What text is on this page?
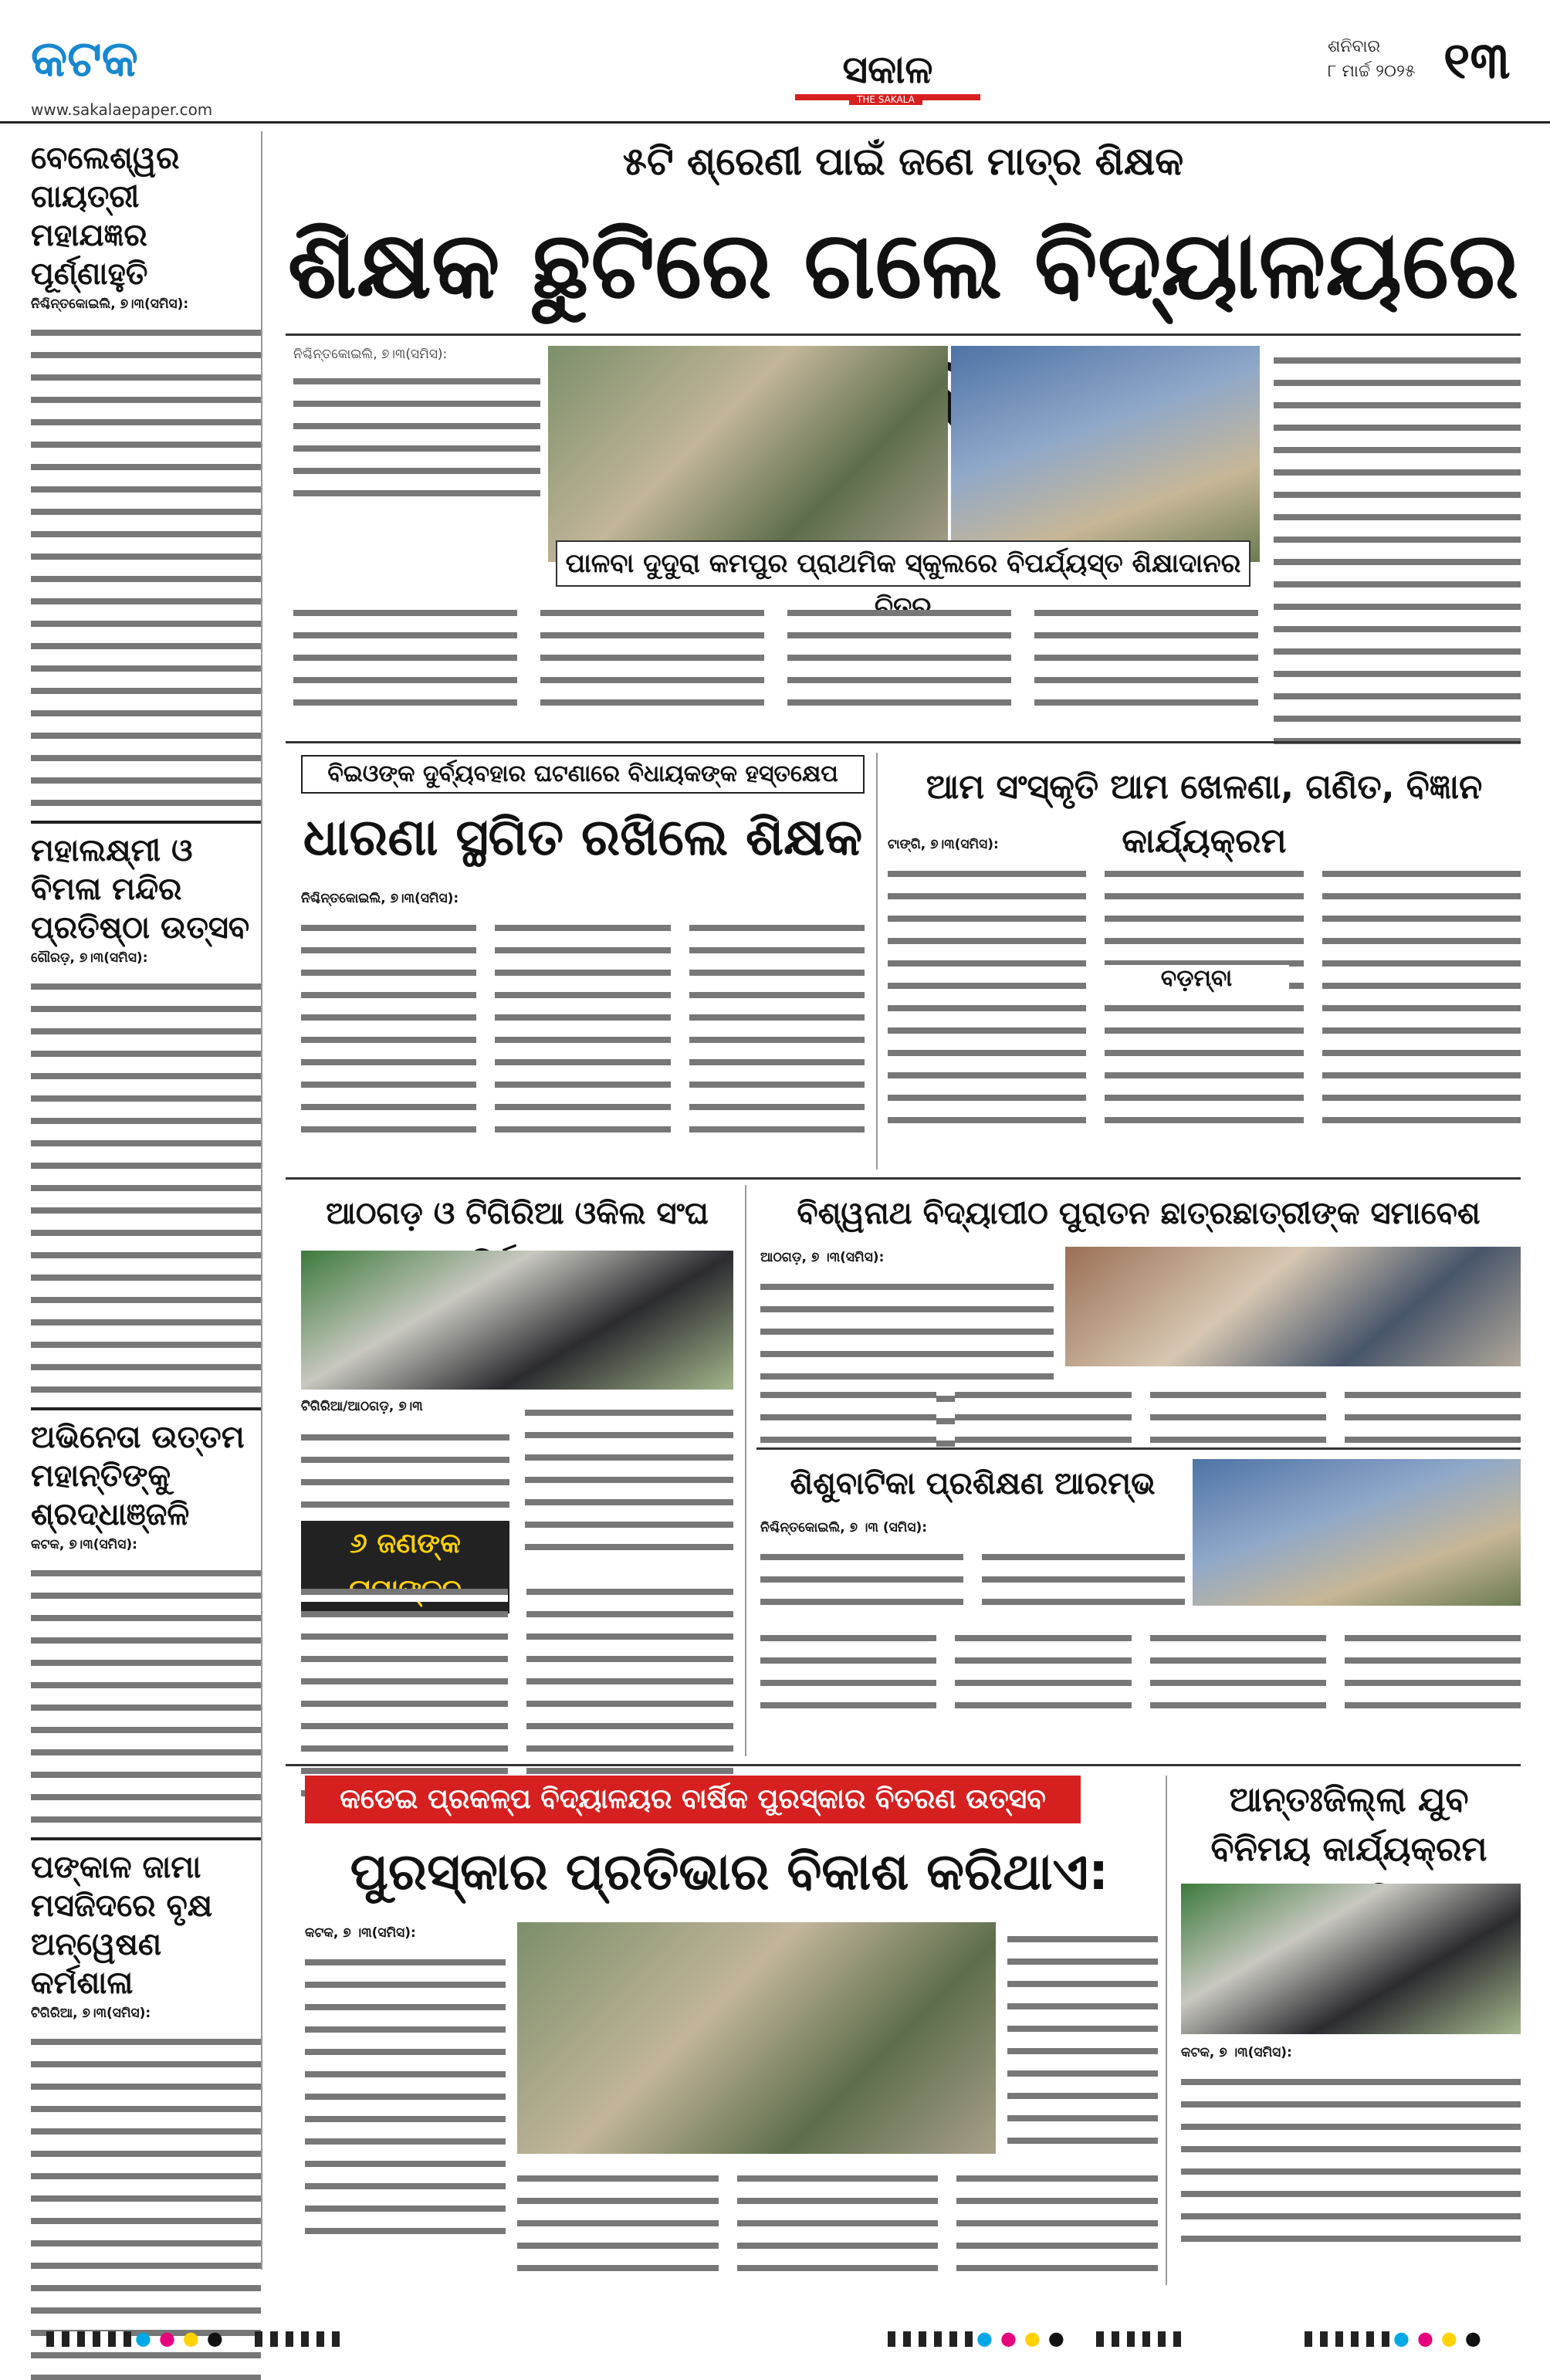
କଟକ
www.sakalaepaper.com
ସକାଳ
THE SAKALA
ଶନିବାର
୮ ମାର୍ଚ୍ଚ ୨୦୨୫ ୧୩
ବେଲେଶ୍ୱର ଗାୟତ୍ରୀ ମହାଯଜ୍ଞର ପୂର୍ଣ୍ଣାହୁତି
ନିଶ୍ଚିନ୍ତକୋଇଲି, ୭।୩(ସମିସ):
ମହାଲକ୍ଷ୍ମୀ ଓ ବିମଳା ମନ୍ଦିର ପ୍ରତିଷ୍ଠା ଉତ୍ସବ
ଗୌରଡ଼, ୭।୩(ସମିସ):
ଅଭିନେତା ଉତ୍ତମ ମହାନ୍ତିଙ୍କୁ ଶ୍ରଦ୍ଧାଞ୍ଜଳି
କଟକ, ୭।୩(ସମିସ):
ପଙ୍କାଳ ଜାମା ମସଜିଦରେ ବୃକ୍ଷ ଅନ୍ୱେଷଣ କର୍ମଶାଳା
ଟିଗିରିଆ, ୭।୩(ସମିସ):
୫ଟି ଶ୍ରେଣୀ ପାଇଁ ଜଣେ ମାତ୍ର ଶିକ୍ଷକ
ଶିକ୍ଷକ ଛୁଟିରେ ଗଲେ ବିଦ୍ୟାଳୟରେ
ନିଶ୍ଚିନ୍ତକୋଇଲି, ୭।୩(ସମିସ):
ପାଳବା ଦୁଦୁରା କମପୁର ପ୍ରାଥମିକ ସ୍କୁଲରେ ବିପର୍ଯ୍ୟସ୍ତ ଶିକ୍ଷାଦାନର
ବିଇଓଙ୍କ ଦୁର୍ବ୍ୟବହାର ଘଟଣାରେ ବିଧାୟକଙ୍କ ହସ୍ତକ୍ଷେପ
ଧାରଣା ସ୍ଥଗିତ ରଖିଲେ ଶିକ୍ଷକ
ନିଶ୍ଚିନ୍ତକୋଇଲି, ୭।୩(ସମିସ):
ଆମ ସଂସ୍କୃତି ଆମ ଖେଳଣା, ଗଣିତ, ବିଜ୍ଞାନ କାର୍ଯ୍ୟକ୍ରମ
ଟାଙ୍ଗି, ୭।୩(ସମିସ):
ବଡ଼ମ୍ବା
ଆଠଗଡ଼ ଓ ଟିଗିରିଆ ଓକିଲ ସଂଘ
ଟିଗିରିଆ/ଆଠଗଡ଼, ୭।୩
୬ ଜଣଙ୍କ
ବିଶ୍ୱନାଥ ବିଦ୍ୟାପୀଠ ପୁରାତନ ଛାତ୍ରଛାତ୍ରୀଙ୍କ ସମାବେଶ
ଆଠଗଡ଼, ୭ ।୩(ସମିସ):
ଶିଶୁବାଟିକା ପ୍ରଶିକ୍ଷଣ ଆରମ୍ଭ
ନିଶ୍ଚିନ୍ତକୋଇଲି, ୭ ।୩ (ସମିସ):
କଡେଇ ପ୍ରକଳ୍ପ ବିଦ୍ୟାଳୟର ବାର୍ଷିକ ପୁରସ୍କାର ବିତରଣ ଉତ୍ସବ
ପୁରସ୍କାର ପ୍ରତିଭାର ବିକାଶ କରିଥାଏ:
କଟକ, ୭ ।୩(ସମିସ):
ଆନ୍ତଃଜିଲ୍ଲା ଯୁବ ବିନିମୟ କାର୍ଯ୍ୟକ୍ରମ
କଟକ, ୭ ।୩(ସମିସ):
●●●●	●●●●	●●●●
